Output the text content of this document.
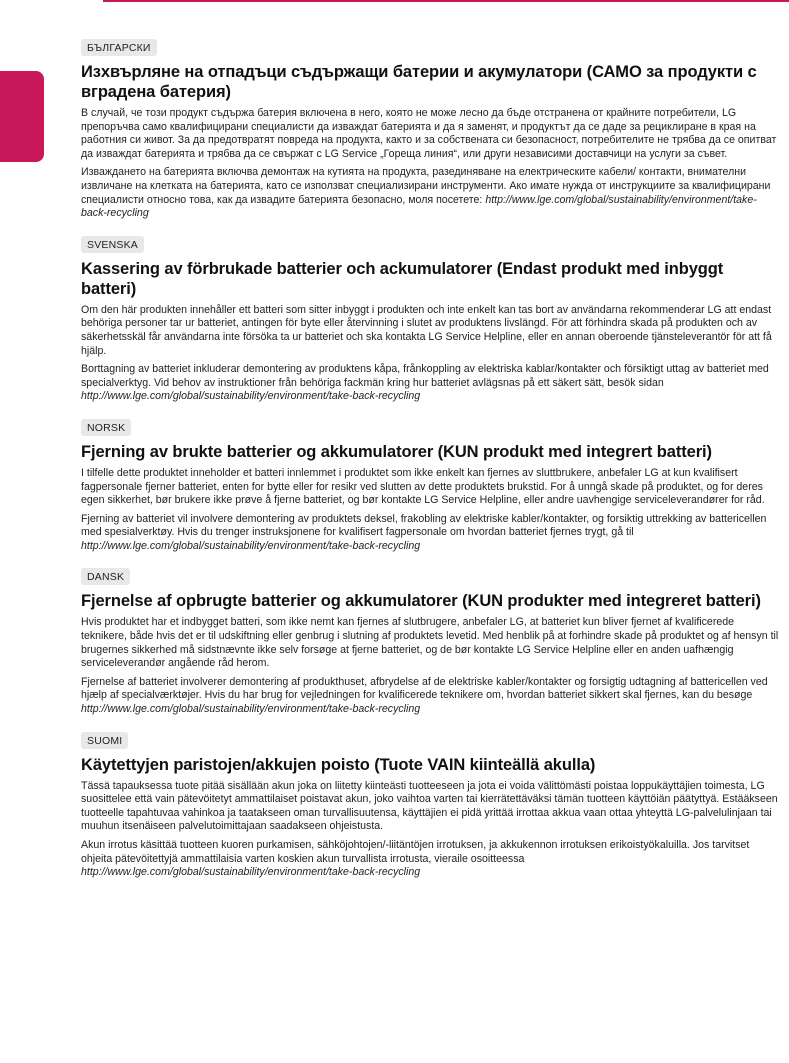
БЪЛГАРСКИ
Изхвърляне на отпадъци съдържащи батерии и акумулатори (САМО за продукти с вградена батерия)

В случай, че този продукт съдържа батерия включена в него, която не може лесно да бъде отстранена от крайните потребители, LG препоръчва само квалифицирани специалисти да изваждат батерията и да я заменят, и продуктът да се даде за рециклиране в края на работния си живот. За да предотвратят повреда на продукта, както и за собствената си безопасност, потребителите не трябва да се опитват да изваждат батерията и трябва да се свържат с LG Service „Гореща линия“, или други независими доставчици на услуги за съвет.

Изваждането на батерията включва демонтаж на кутията на продукта, разединяване на електрическите кабели/ контакти, внимателни извличане на клетката на батерията, като се използват специализирани инструменти. Ако имате нужда от инструкциите за квалифицирани специалисти относно това, как да извадите батерията безопасно, моля посетете: http://www.lge.com/global/sustainability/environment/take-back-recycling

SVENSKA
Kassering av förbrukade batterier och ackumulatorer (Endast produkt med inbyggt batteri)

Om den här produkten innehåller ett batteri som sitter inbyggt i produkten och inte enkelt kan tas bort av användarna rekommenderar LG att endast behöriga personer tar ur batteriet, antingen för byte eller återvinning i slutet av produktens livslängd. För att förhindra skada på produkten och av säkerhetsskäl får användarna inte försöka ta ur batteriet och ska kontakta LG Service Helpline, eller en annan oberoende tjänsteleverantör för att få hjälp.

Borttagning av batteriet inkluderar demontering av produktens kåpa, frånkoppling av elektriska kablar/kontakter och försiktigt uttag av batteriet med specialverktyg. Vid behov av instruktioner från behöriga fackmän kring hur batteriet avlägsnas på ett säkert sätt, besök sidan http://www.lge.com/global/sustainability/environment/take-back-recycling

NORSK
Fjerning av brukte batterier og akkumulatorer (KUN produkt med integrert batteri)

I tilfelle dette produktet inneholder et batteri innlemmet i produktet som ikke enkelt kan fjernes av sluttbrukere, anbefaler LG at kun kvalifisert fagpersonale fjerner batteriet, enten for bytte eller for resikr ved slutten av dette produktets brukstid. For å unngå skade på produktet, og for deres egen sikkerhet, bør brukere ikke prøve å fjerne batteriet, og bør kontakte LG Service Helpline, eller andre uavhengige serviceleverandører for råd.

Fjerning av batteriet vil involvere demontering av produktets deksel, frakobling av elektriske kabler/kontakter, og forsiktig uttrekking av battericellen med spesialverktøy. Hvis du trenger instruksjonene for kvalifisert fagpersonale om hvordan batteriet fjernes trygt, gå til http://www.lge.com/global/sustainability/environment/take-back-recycling

DANSK
Fjernelse af opbrugte batterier og akkumulatorer (KUN produkter med integreret batteri)

Hvis produktet har et indbygget batteri, som ikke nemt kan fjernes af slutbrugere, anbefaler LG, at batteriet kun bliver fjernet af kvalificerede teknikere, både hvis det er til udskiftning eller genbrug i slutning af produktets levetid. Med henblik på at forhindre skade på produktet og af hensyn til brugernes sikkerhed må sidstnævnte ikke selv forsøge at fjerne batteriet, og de bør kontakte LG Service Helpline eller en anden uafhængig serviceleverandør angående råd herom.

Fjernelse af batteriet involverer demontering af produkthuset, afbrydelse af de elektriske kabler/kontakter og forsigtig udtagning af battericellen ved hjælp af specialværktøjer. Hvis du har brug for vejledningen for kvalificerede teknikere om, hvordan batteriet sikkert skal fjernes, kan du besøge http://www.lge.com/global/sustainability/environment/take-back-recycling

SUOMI
Käytettyjen paristojen/akkujen poisto (Tuote VAIN kiinteällä akulla)

Tässä tapauksessa tuote pitää sisällään akun joka on liitetty kiinteästi tuotteeseen ja jota ei voida välittömästi poistaa loppukäyttäjien toimesta, LG suosittelee että vain pätevöitetyt ammattilaiset poistavat akun, joko vaihtoa varten tai kierrätettäväksi tämän tuotteen käyttöiän päätyttyä. Estääkseen tuotteelle tapahtuvaa vahinkoa ja taatakseen oman turvallisuutensa, käyttäjien ei pidä yrittää irrottaa akkua vaan ottaa yhteyttä LG-palvelulinjaan tai muuhun itsenäiseen palvelutoimittajaan saadakseen ohjeistusta.

Akun irrotus käsittää tuotteen kuoren purkamisen, sähköjohtojen/-liitäntöjen irrotuksen, ja akkukennon irrotuksen erikoistyökaluilla. Jos tarvitset ohjeita pätevöitettyjä ammattilaisia varten koskien akun turvallista irrotusta, vieraile osoitteessa http://www.lge.com/global/sustainability/environment/take-back-recycling
